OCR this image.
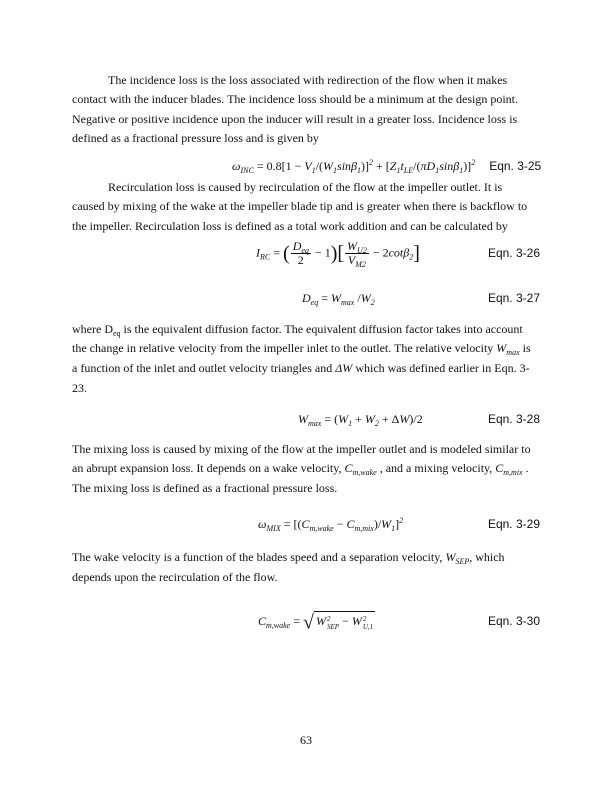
The incidence loss is the loss associated with redirection of the flow when it makes
contact with the inducer blades. The incidence loss should be a minimum at the design point.
Negative or positive incidence upon the inducer will result in a greater loss. Incidence loss is
defined as a fractional pressure loss and is given by
$\omega_{INC} = 0.8[1 - V_1/(W_1\sin\beta_1)]^2 + [Z_1t_{LE}/(\pi D_1\sin\beta_1)]^2$	Eqn. 3-25
Recirculation loss is caused by recirculation of the flow at the impeller outlet. It is
caused by mixing of the wake at the impeller blade tip and is greater when there is backflow to
the impeller. Recirculation loss is defined as a total work addition and can be calculated by
$I_{RC}$ = ( $\frac{D_{eq}}{2} - 1)[ \frac{W_{U2}}{V_{M2}} - 2\cot\beta_2]$	Eqn. 3-26
$D_{eq} = W_{max}$ $/W_2$	Eqn. 3-27
where $D_{eq}$ is the equivalent diffusion factor. The equivalent diffusion factor takes into account
the change in relative velocity from the impeller inlet to the outlet. The relative velocity $W_{max}$ is
a function of the inlet and outlet velocity triangles and ΔW which was defined earlier in Eqn. 3-
23.
$W_{max} = (W_1 + W_2 + \Delta W)/2$	Eqn. 3-28
The mixing loss is caused by mixing of the flow at the impeller outlet and is modeled similar to
an abrupt expansion loss. It depends on a wake velocity, $C_{m,wake}$ , and a mixing velocity, $C_{m,mix}$ .
The mixing loss is defined as a fractional pressure loss.
$\omega_{MIX} = [(C_{m,wake} - C_{m,mix})/W_1]^2$	Eqn. 3-29
The wake velocity is a function of the blades speed and a separation velocity, $W_{SEP}$, which
depends upon the recirculation of the flow.
$C_{m,wake}$ = √ W 2
SEP − W 2
U,1	Eqn. 3-30
63
